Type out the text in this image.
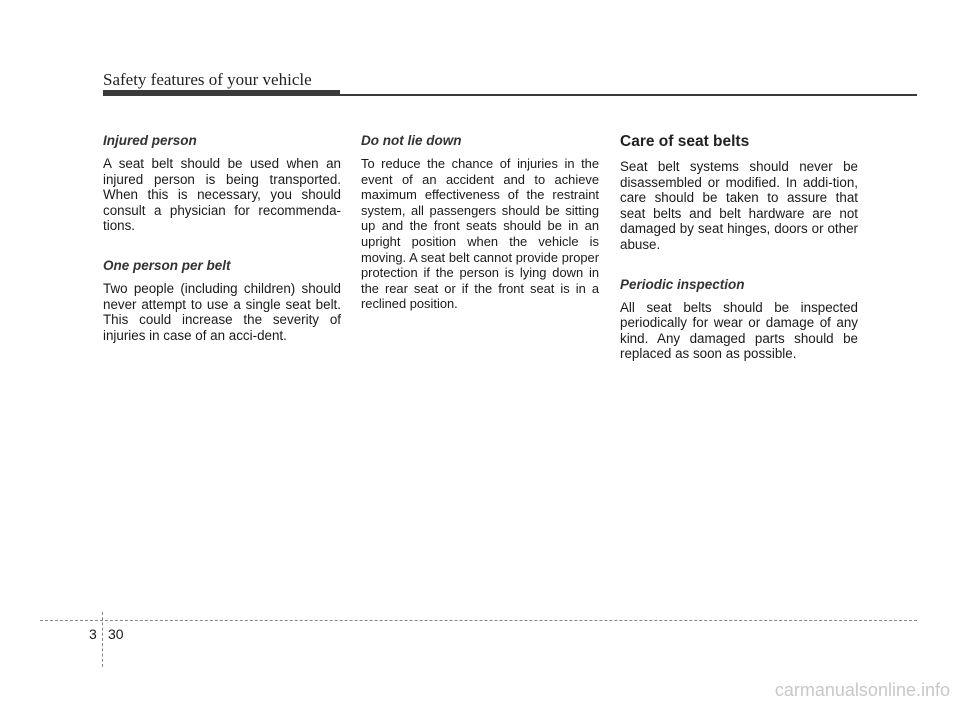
Safety features of your vehicle
Injured person

A seat belt should be used when an injured person is being transported. When this is necessary, you should consult a physician for recommenda-tions.

One person per belt

Two people (including children) should never attempt to use a single seat belt. This could increase the severity of injuries in case of an acci-dent.

Do not lie down

To reduce the chance of injuries in the event of an accident and to achieve maximum effectiveness of the restraint system, all passengers should be sitting up and the front seats should be in an upright position when the vehicle is moving. A seat belt cannot provide proper protection if the person is lying down in the rear seat or if the front seat is in a reclined position.

Care of seat belts

Seat belt systems should never be disassembled or modified. In addi-tion, care should be taken to assure that seat belts and belt hardware are not damaged by seat hinges, doors or other abuse.

Periodic inspection

All seat belts should be inspected periodically for wear or damage of any kind. Any damaged parts should be replaced as soon as possible.

3 30
carmanualsonline.info
